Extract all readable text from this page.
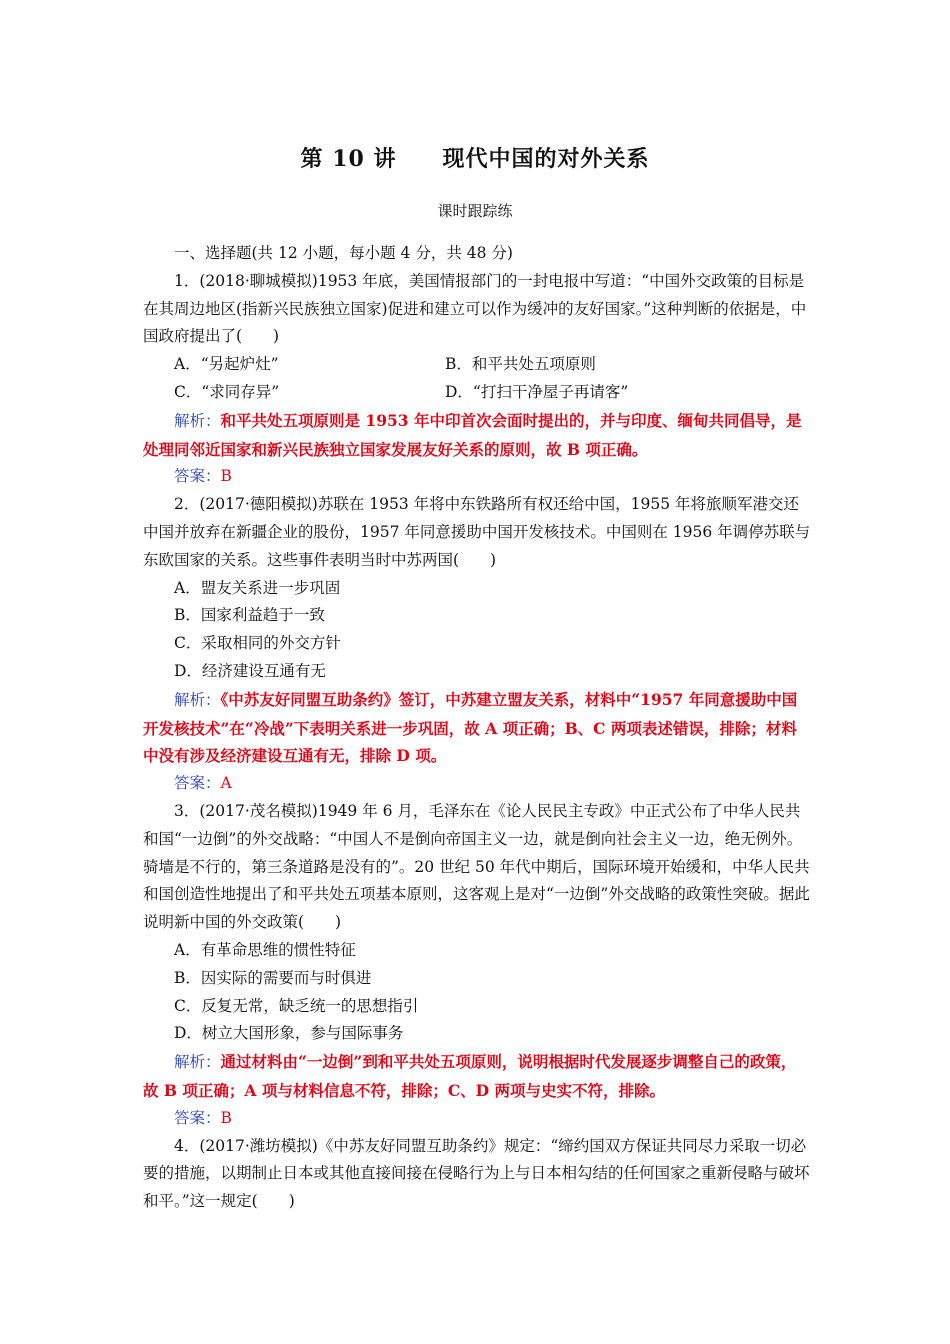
第 10 讲　　现代中国的对外关系
课时跟踪练

一、选择题(共 12 小题，每小题 4 分，共 48 分)

1．(2018·聊城模拟)1953 年底，美国情报部门的一封电报中写道：“中国外交政策的目标是在其周边地区(指新兴民族独立国家)促进和建立可以作为缓冲的友好国家。”这种判断的依据是，中国政府提出了(　　)

A．“另起炉灶”	B．和平共处五项原则
C．“求同存异”	D．“打扫干净屋子再请客”

解析：和平共处五项原则是 1953 年中印首次会面时提出的，并与印度、缅甸共同倡导，是处理同邻近国家和新兴民族独立国家发展友好关系的原则，故 B 项正确。

答案：B

2．(2017·德阳模拟)苏联在 1953 年将中东铁路所有权还给中国，1955 年将旅顺军港交还中国并放弃在新疆企业的股份，1957 年同意援助中国开发核技术。中国则在 1956 年调停苏联与东欧国家的关系。这些事件表明当时中苏两国(　　)

A．盟友关系进一步巩固

B．国家利益趋于一致

C．采取相同的外交方针

D．经济建设互通有无

解析：《中苏友好同盟互助条约》签订，中苏建立盟友关系，材料中“1957 年同意援助中国开发核技术”在“冷战”下表明关系进一步巩固，故 A 项正确；B、C 两项表述错误，排除；材料中没有涉及经济建设互通有无，排除 D 项。

答案：A

3．(2017·茂名模拟)1949 年 6 月，毛泽东在《论人民民主专政》中正式公布了中华人民共和国“一边倒”的外交战略：“中国人不是倒向帝国主义一边，就是倒向社会主义一边，绝无例外。骑墙是不行的，第三条道路是没有的”。20 世纪 50 年代中期后，国际环境开始缓和，中华人民共和国创造性地提出了和平共处五项基本原则，这客观上是对“一边倒”外交战略的政策性突破。据此说明新中国的外交政策(　　)

A．有革命思维的惯性特征

B．因实际的需要而与时俱进

C．反复无常，缺乏统一的思想指引

D．树立大国形象，参与国际事务

解析：通过材料由“一边倒”到和平共处五项原则，说明根据时代发展逐步调整自己的政策，故 B 项正确；A 项与材料信息不符，排除；C、D 两项与史实不符，排除。

答案：B

4．(2017·潍坊模拟)《中苏友好同盟互助条约》规定：“缔约国双方保证共同尽力采取一切必要的措施，以期制止日本或其他直接间接在侵略行为上与日本相勾结的任何国家之重新侵略与破坏和平。”这一规定(　　)
